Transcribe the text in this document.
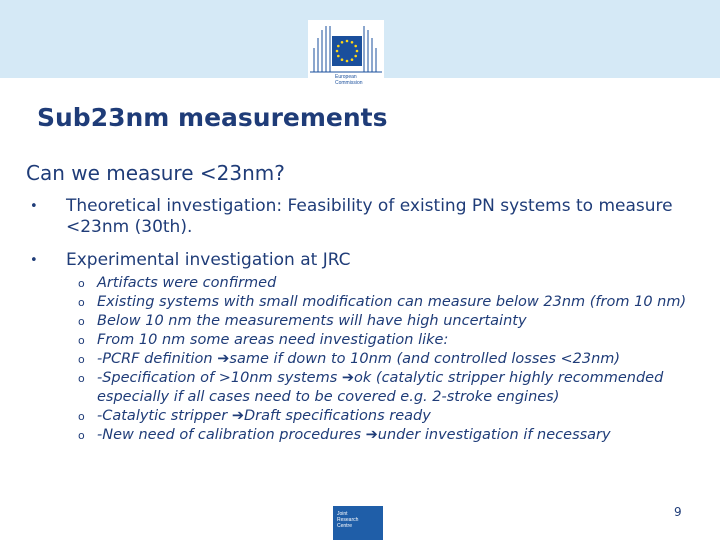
European
Commission
Sub23nm measurements
Can we measure <23nm?
• Theoretical investigation: Feasibility of existing PN systems to measure <23nm (30th).
• Experimental investigation at JRC
o Artifacts were confirmed
o Existing systems with small modification can measure below 23nm (from 10 nm)
o Below 10 nm the measurements will have high uncertainty
o From 10 nm some areas need investigation like:
o -PCRF definition ➔same if down to 10nm (and controlled losses <23nm)
o -Specification of >10nm systems ➔ok (catalytic stripper highly recommended especially if all cases need to be covered e.g. 2-stroke engines)
o -Catalytic stripper ➔Draft specifications ready
o -New need of calibration procedures ➔under investigation if necessary
Joint
Research
Centre
9
